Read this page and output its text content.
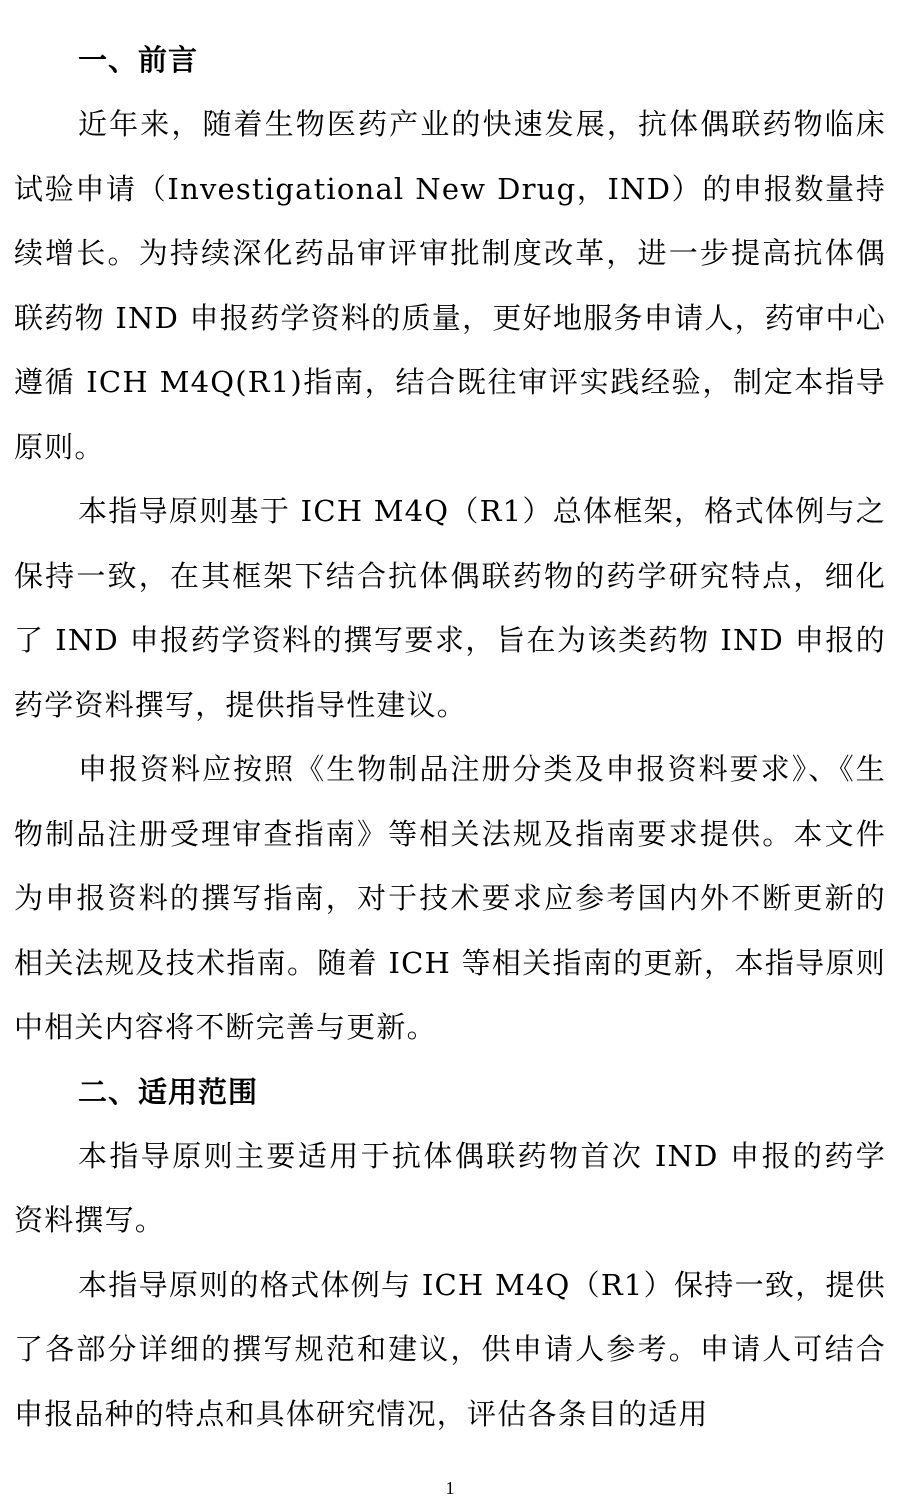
一、前言

近年来，随着生物医药产业的快速发展，抗体偶联药物临床试验申请（Investigational New Drug，IND）的申报数量持续增长。为持续深化药品审评审批制度改革，进一步提高抗体偶联药物 IND 申报药学资料的质量，更好地服务申请人，药审中心遵循 ICH M4Q(R1)指南，结合既往审评实践经验，制定本指导原则。

本指导原则基于 ICH M4Q（R1）总体框架，格式体例与之保持一致，在其框架下结合抗体偶联药物的药学研究特点，细化了 IND 申报药学资料的撰写要求，旨在为该类药物 IND 申报的药学资料撰写，提供指导性建议。

申报资料应按照《生物制品注册分类及申报资料要求》、《生物制品注册受理审查指南》等相关法规及指南要求提供。本文件为申报资料的撰写指南，对于技术要求应参考国内外不断更新的相关法规及技术指南。随着 ICH 等相关指南的更新，本指导原则中相关内容将不断完善与更新。

二、适用范围

本指导原则主要适用于抗体偶联药物首次 IND 申报的药学资料撰写。

本指导原则的格式体例与 ICH M4Q（R1）保持一致，提供了各部分详细的撰写规范和建议，供申请人参考。申请人可结合申报品种的特点和具体研究情况，评估各条目的适用

1
